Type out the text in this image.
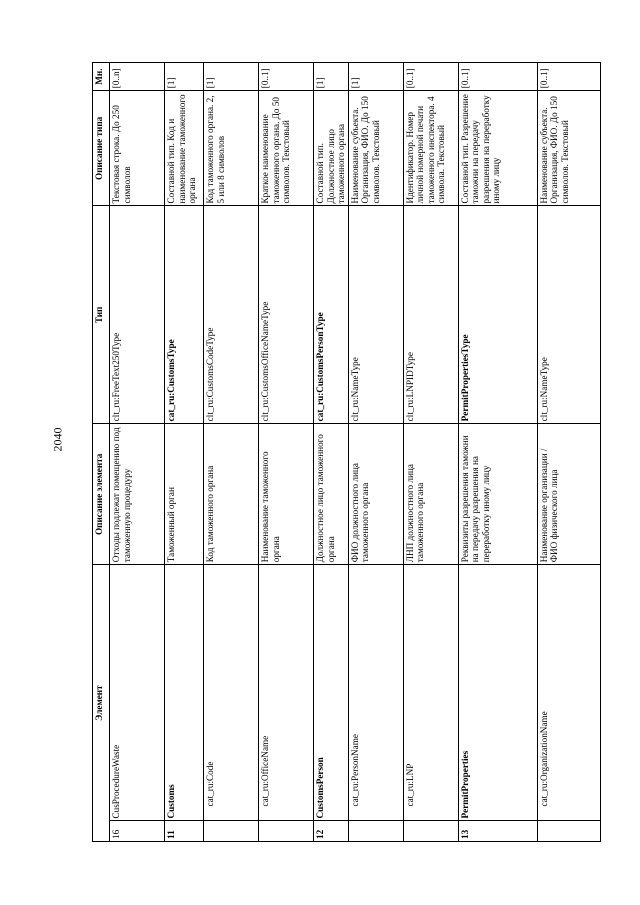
2040
Элемент		Описание элемента	Тип	Описание типа	Мн.
16	CusProcedureWaste	Отходы подлежат помещению под таможенную процедуру	clt_ru:FreeText250Type	Текстовая строка. До 250 символов	[0..n]
11	Customs	Таможенный орган	cat_ru:CustomsType	Составной тип. Код и наименование таможенного органа	[1]
	cat_ru:Code	Код таможенного органа	clt_ru:CustomsCodeType	Код таможенного органа. 2, 5 или 8 символов	[1]
	cat_ru:OfficeName	Наименование таможенного органа	clt_ru:CustomsOfficeNameType	Краткое наименование таможенного органа. До 50 символов. Текстовый	[0..1]
12	CustomsPerson	Должностное лицо таможенного органа	cat_ru:CustomsPersonType	Составной тип. Должностное лицо таможенного органа	[1]
	cat_ru:PersonName	ФИО должностного лица таможенного органа	clt_ru:NameType	Наименование субъекта. Организация, ФИО. До 150 символов. Текстовый	[1]
	cat_ru:LNP	ЛНП должностного лица таможенного органа	clt_ru:LNPIDType	Идентификатор. Номер личной номерной печати таможенного инспектора. 4 символа. Текстовый	[0..1]
13	PermitProperties	Реквизиты разрешения таможни на передачу разрешения на переработку иному лицу	PermitPropertiesType	Составной тип. Разрешение таможни на передачу разрешения на переработку иному лицу	[0..1]
	cat_ru:OrganizationName	Наименование организации / ФИО физического лица	clt_ru:NameType	Наименование субъекта. Организация, ФИО. До 150 символов. Текстовый	[0..1]
